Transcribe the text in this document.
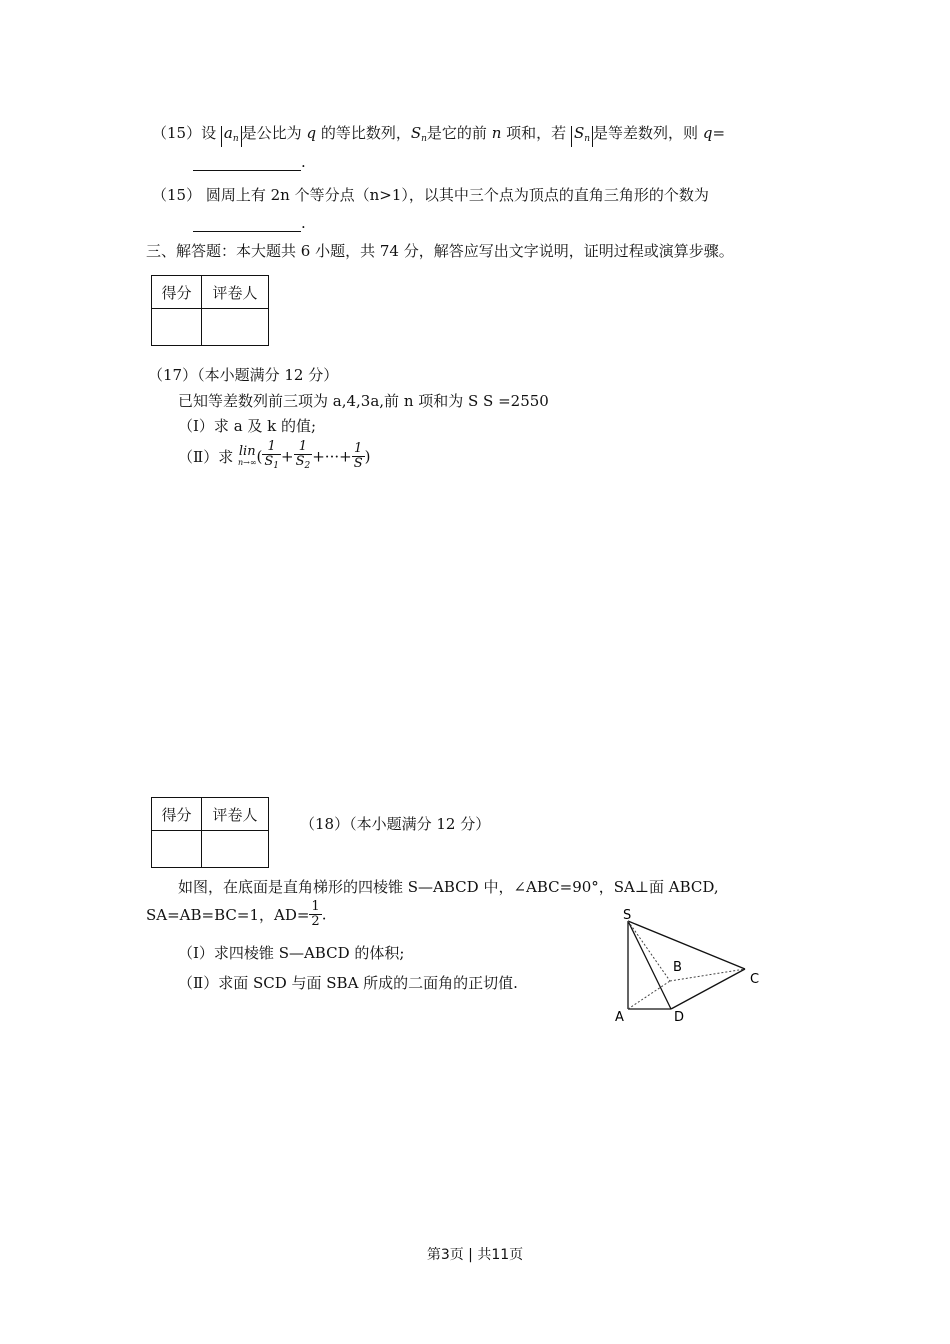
（15）设 $a_n$ 是公比为 q 的等比数列，$S_n$是它的前 n 项和，若 $S_n$ 是等差数列，则 q=
.
（15） 圆周上有 2n 个等分点（n>1），以其中三个点为顶点的直角三角形的个数为
.
三、解答题：本大题共 6 小题，共 74 分，解答应写出文字说明，证明过程或演算步骤。
得分	评卷人

（17）（本小题满分 12 分）
已知等差数列前三项为 a,4,3a,前 n 项和为 S S =2550
（Ⅰ）求 a 及 k 的值;
（Ⅱ）求 lin
n→∞ ( $\frac{1}{S_1} + \frac{1}{S_2}$ +···+ $\frac{1}{S}$ )
得分	评卷人

（18）（本小题满分 12 分）
如图，在底面是直角梯形的四棱锥 S—ABCD 中，∠ABC=90°，SA⊥面 ABCD,
SA=AB=BC=1，$AD= \frac{1}{2}$ .
（Ⅰ）求四棱锥 S—ABCD 的体积;
（Ⅱ）求面 SCD 与面 SBA 所成的二面角的正切值.
S
B
C
A	D
第3页 | 共11页
